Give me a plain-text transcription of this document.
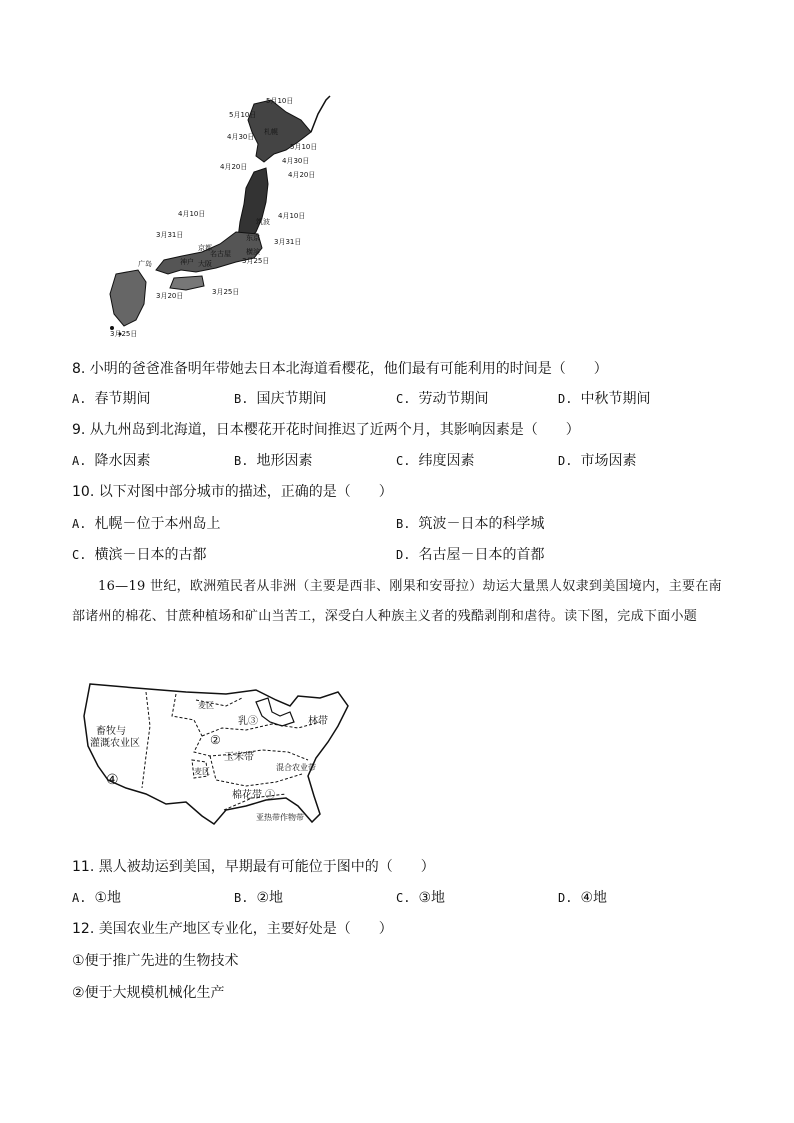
5月10日
5月10日
4月30日
5月10日
4月30日
4月20日
4月20日
4月10日	4月10日
3月31日
3月31日
3月25日
3月20日	3月25日
3月25日
札幌
东京
横滨
名古屋
筑波
大阪
神户
京都
广岛
8. 小明的爸爸准备明年带她去日本北海道看樱花，他们最有可能利用的时间是（　　）
A. 春节期间	B. 国庆节期间	C. 劳动节期间	D. 中秋节期间
9. 从九州岛到北海道，日本樱花开花时间推迟了近两个月，其影响因素是（　　）
A. 降水因素	B. 地形因素	C. 纬度因素	D. 市场因素
10. 以下对图中部分城市的描述，正确的是（　　）
A. 札幌－位于本州岛上	B. 筑波－日本的科学城
C. 横滨－日本的古都	D. 名古屋－日本的首都
16—19 世纪，欧洲殖民者从非洲（主要是西非、刚果和安哥拉）劫运大量黑人奴隶到美国境内，主要在南部诸州的棉花、甘蔗种植场和矿山当苦工，深受白人种族主义者的残酷剥削和虐待。读下图，完成下面小题
麦区
乳③	林带
畜牧与
灌溉农业区	②
玉米带
④
麦区	混合农业带
棉花带 ①
亚热带作物带
11. 黑人被劫运到美国，早期最有可能位于图中的（　　）
A. ①地	B. ②地	C. ③地	D. ④地
12. 美国农业生产地区专业化，主要好处是（　　）
①便于推广先进的生物技术
②便于大规模机械化生产
